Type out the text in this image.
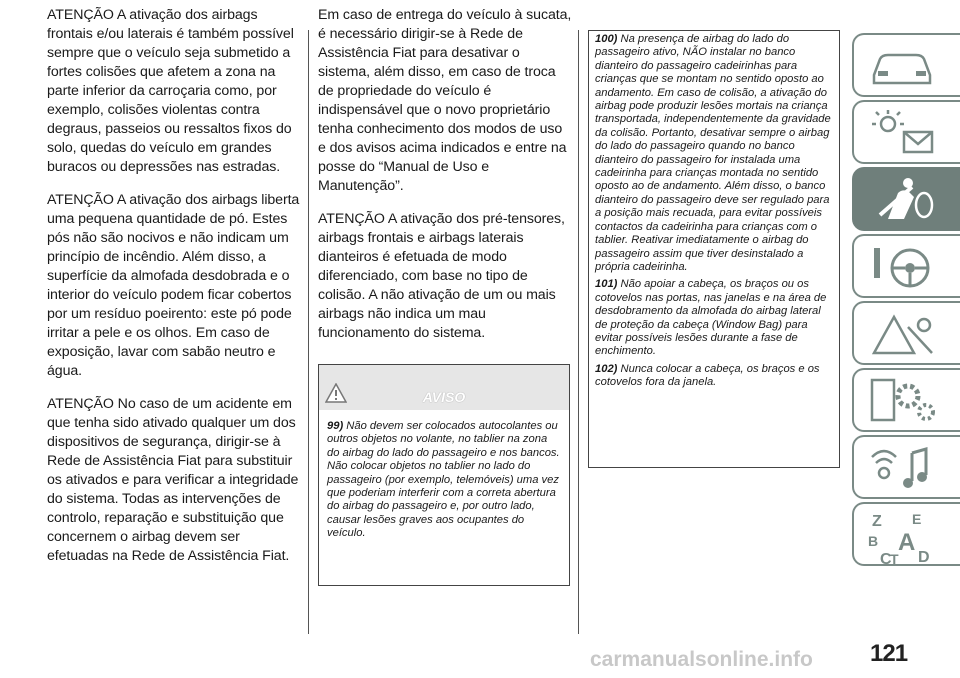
ATENÇÃO A ativação dos airbags frontais e/ou laterais é também possível sempre que o veículo seja submetido a fortes colisões que afetem a zona na parte inferior da carroçaria como, por exemplo, colisões violentas contra degraus, passeios ou ressaltos fixos do solo, quedas do veículo em grandes buracos ou depressões nas estradas.

ATENÇÃO A ativação dos airbags liberta uma pequena quantidade de pó. Estes pós não são nocivos e não indicam um princípio de incêndio. Além disso, a superfície da almofada desdobrada e o interior do veículo podem ficar cobertos por um resíduo poeirento: este pó pode irritar a pele e os olhos. Em caso de exposição, lavar com sabão neutro e água.

ATENÇÃO No caso de um acidente em que tenha sido ativado qualquer um dos dispositivos de segurança, dirigir-se à Rede de Assistência Fiat para substituir os ativados e para verificar a integridade do sistema. Todas as intervenções de controlo, reparação e substituição que concernem o airbag devem ser efetuadas na Rede de Assistência Fiat.

Em caso de entrega do veículo à sucata, é necessário dirigir-se à Rede de Assistência Fiat para desativar o sistema, além disso, em caso de troca de propriedade do veículo é indispensável que o novo proprietário tenha conhecimento dos modos de uso e dos avisos acima indicados e entre na posse do “Manual de Uso e Manutenção”.

ATENÇÃO A ativação dos pré-tensores, airbags frontais e airbags laterais dianteiros é efetuada de modo diferenciado, com base no tipo de colisão. A não ativação de um ou mais airbags não indica um mau funcionamento do sistema.

AVISO
99) Não devem ser colocados autocolantes ou outros objetos no volante, no tablier na zona do airbag do lado do passageiro e nos bancos. Não colocar objetos no tablier no lado do passageiro (por exemplo, telemóveis) uma vez que poderiam interferir com a correta abertura do airbag do passageiro e, por outro lado, causar lesões graves aos ocupantes do veículo.

100) Na presença de airbag do lado do passageiro ativo, NÃO instalar no banco dianteiro do passageiro cadeirinhas para crianças que se montam no sentido oposto ao andamento. Em caso de colisão, a ativação do airbag pode produzir lesões mortais na criança transportada, independentemente da gravidade da colisão. Portanto, desativar sempre o airbag do lado do passageiro quando no banco dianteiro do passageiro for instalada uma cadeirinha para crianças montada no sentido oposto ao de andamento. Além disso, o banco dianteiro do passageiro deve ser regulado para a posição mais recuada, para evitar possíveis contactos da cadeirinha para crianças com o tablier. Reativar imediatamente o airbag do passageiro assim que tiver desinstalado a própria cadeirinha.

101) Não apoiar a cabeça, os braços ou os cotovelos nas portas, nas janelas e na área de desdobramento da almofada do airbag lateral de proteção da cabeça (Window Bag) para evitar possíveis lesões durante a fase de enchimento.

102) Nunca colocar a cabeça, os braços e os cotovelos fora da janela.

Z E
B A
C
T D
carmanualsonline.info 121
